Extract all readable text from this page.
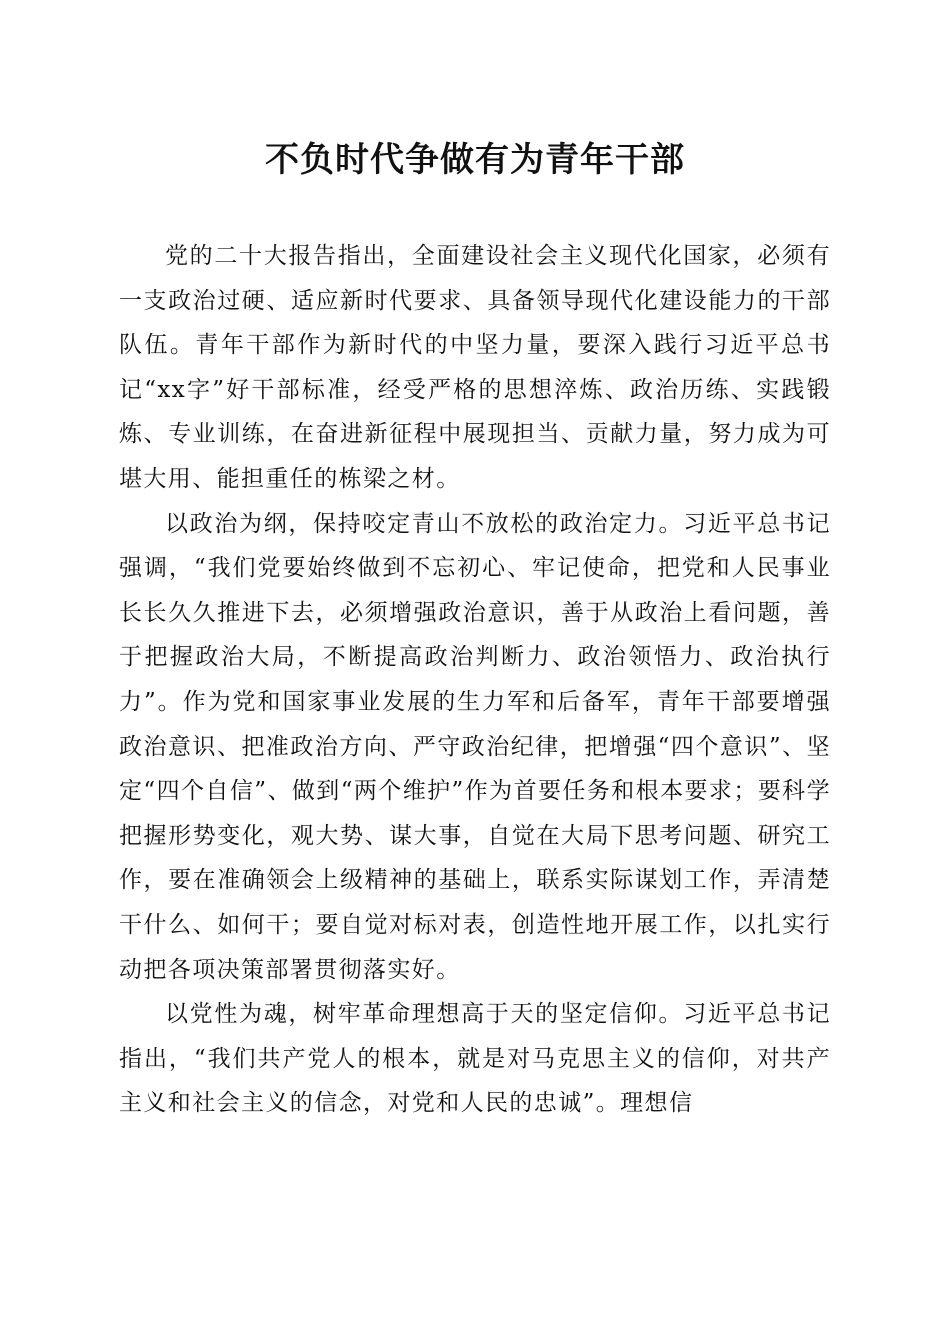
不负时代争做有为青年干部

党的二十大报告指出，全面建设社会主义现代化国家，必须有一支政治过硬、适应新时代要求、具备领导现代化建设能力的干部队伍。青年干部作为新时代的中坚力量，要深入践行习近平总书记“xx字”好干部标准，经受严格的思想淬炼、政治历练、实践锻炼、专业训练，在奋进新征程中展现担当、贡献力量，努力成为可堪大用、能担重任的栋梁之材。

以政治为纲，保持咬定青山不放松的政治定力。习近平总书记强调，“我们党要始终做到不忘初心、牢记使命，把党和人民事业长长久久推进下去，必须增强政治意识，善于从政治上看问题，善于把握政治大局，不断提高政治判断力、政治领悟力、政治执行力”。作为党和国家事业发展的生力军和后备军，青年干部要增强政治意识、把准政治方向、严守政治纪律，把增强“四个意识”、坚定“四个自信”、做到“两个维护”作为首要任务和根本要求；要科学把握形势变化，观大势、谋大事，自觉在大局下思考问题、研究工作，要在准确领会上级精神的基础上，联系实际谋划工作，弄清楚干什么、如何干；要自觉对标对表，创造性地开展工作，以扎实行动把各项决策部署贯彻落实好。

以党性为魂，树牢革命理想高于天的坚定信仰。习近平总书记指出，“我们共产党人的根本，就是对马克思主义的信仰，对共产主义和社会主义的信念，对党和人民的忠诚”。理想信
